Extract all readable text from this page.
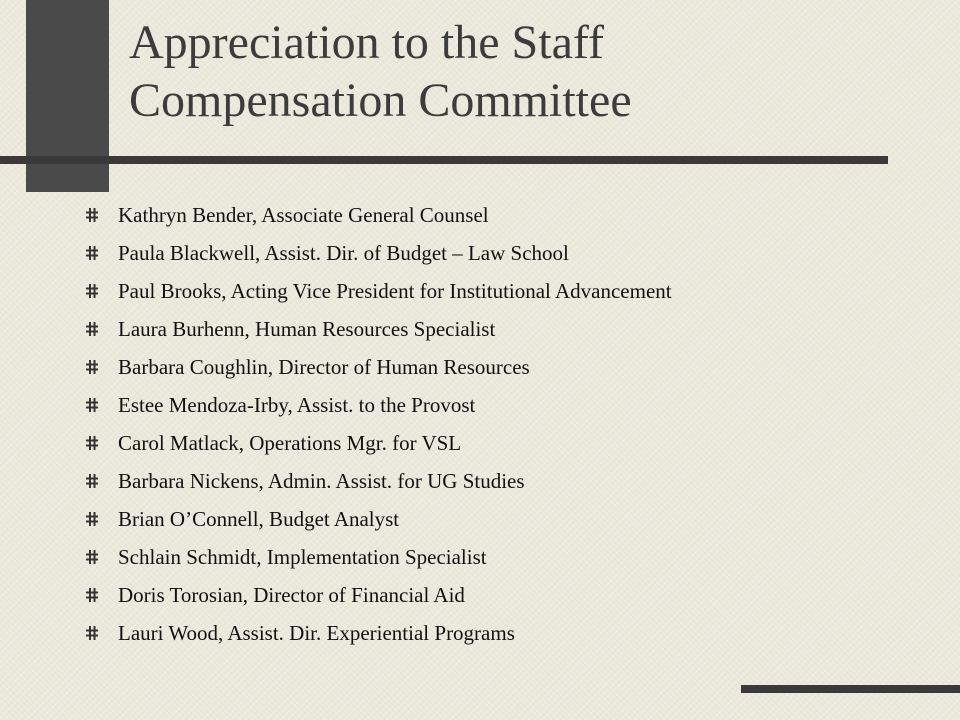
Appreciation to the Staff
Compensation Committee
Kathryn Bender, Associate General Counsel
Paula Blackwell, Assist. Dir. of Budget – Law School
Paul Brooks, Acting Vice President for Institutional Advancement
Laura Burhenn, Human Resources Specialist
Barbara Coughlin, Director of Human Resources
Estee Mendoza-Irby, Assist. to the Provost
Carol Matlack, Operations Mgr. for VSL
Barbara Nickens, Admin. Assist. for UG Studies
Brian O’Connell, Budget Analyst
Schlain Schmidt, Implementation Specialist
Doris Torosian, Director of Financial Aid
Lauri Wood, Assist. Dir. Experiential Programs
